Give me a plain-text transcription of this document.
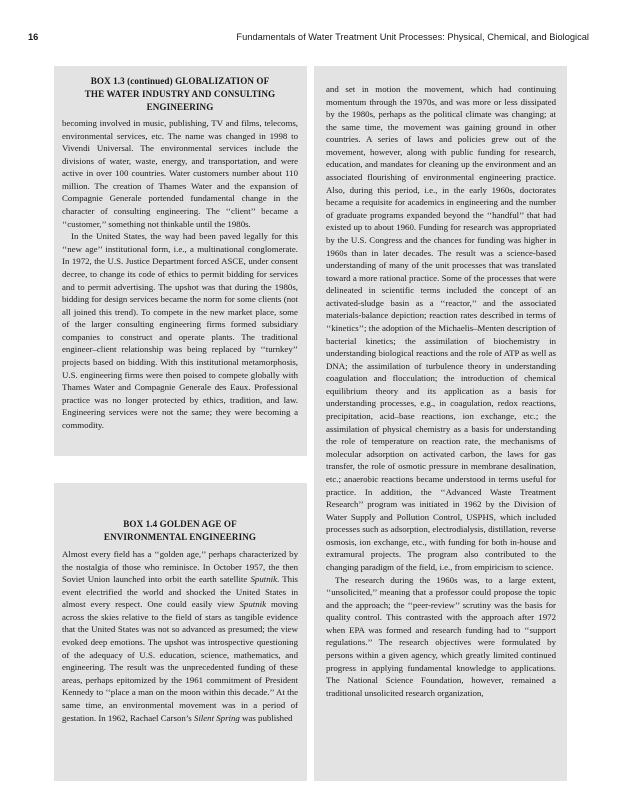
16	Fundamentals of Water Treatment Unit Processes: Physical, Chemical, and Biological
BOX 1.3 (continued) GLOBALIZATION OF
THE WATER INDUSTRY AND CONSULTING
ENGINEERING

becoming involved in music, publishing, TV and films, telecoms, environmental services, etc. The name was changed in 1998 to Vivendi Universal. The environmental services include the divisions of water, waste, energy, and transportation, and were active in over 100 countries. Water customers number about 110 million. The creation of Thames Water and the expansion of Compagnie Generale portended fundamental change in the character of consulting engineering. The ‘‘client’’ became a ‘‘customer,’’ something not thinkable until the 1980s.

In the United States, the way had been paved legally for this ‘‘new age’’ institutional form, i.e., a multinational conglomerate. In 1972, the U.S. Justice Department forced ASCE, under consent decree, to change its code of ethics to permit bidding for services and to permit advertising. The upshot was that during the 1980s, bidding for design services became the norm for some clients (not all joined this trend). To compete in the new market place, some of the larger consulting engineering firms formed subsidiary companies to construct and operate plants. The traditional engineer–client relationship was being replaced by ‘‘turnkey’’ projects based on bidding. With this institutional metamorphosis, U.S. engineering firms were then poised to compete globally with Thames Water and Compagnie Generale des Eaux. Professional practice was no longer protected by ethics, tradition, and law. Engineering services were not the same; they were becoming a commodity.

BOX 1.4 GOLDEN AGE OF
ENVIRONMENTAL ENGINEERING

Almost every field has a ‘‘golden age,’’ perhaps characterized by the nostalgia of those who reminisce. In October 1957, the then Soviet Union launched into orbit the earth satellite Sputnik. This event electrified the world and shocked the United States in almost every respect. One could easily view Sputnik moving across the skies relative to the field of stars as tangible evidence that the United States was not so advanced as presumed; the view evoked deep emotions. The upshot was introspective questioning of the adequacy of U.S. education, science, mathematics, and engineering. The result was the unprecedented funding of these areas, perhaps epitomized by the 1961 commitment of President Kennedy to ‘‘place a man on the moon within this decade.’’ At the same time, an environmental movement was in a period of gestation. In 1962, Rachael Carson’s Silent Spring was published

and set in motion the movement, which had continuing momentum through the 1970s, and was more or less dissipated by the 1980s, perhaps as the political climate was changing; at the same time, the movement was gaining ground in other countries. A series of laws and policies grew out of the movement, however, along with public funding for research, education, and mandates for cleaning up the environment and an associated flourishing of environmental engineering practice. Also, during this period, i.e., in the early 1960s, doctorates became a requisite for academics in engineering and the number of graduate programs expanded beyond the ‘‘handful’’ that had existed up to about 1960. Funding for research was appropriated by the U.S. Congress and the chances for funding was higher in 1960s than in later decades. The result was a science-based understanding of many of the unit processes that was translated toward a more rational practice. Some of the processes that were delineated in scientific terms included the concept of an activated-sludge basin as a ‘‘reactor,’’ and the associated materials-balance depiction; reaction rates described in terms of ‘‘kinetics’’; the adoption of the Michaelis–Menten description of bacterial kinetics; the assimilation of biochemistry in understanding biological reactions and the role of ATP as well as DNA; the assimilation of turbulence theory in understanding coagulation and flocculation; the introduction of chemical equilibrium theory and its application as a basis for understanding processes, e.g., in coagulation, redox reactions, precipitation, acid–base reactions, ion exchange, etc.; the assimilation of physical chemistry as a basis for understanding the role of temperature on reaction rate, the mechanisms of molecular adsorption on activated carbon, the laws for gas transfer, the role of osmotic pressure in membrane desalination, etc.; anaerobic reactions became understood in terms useful for practice. In addition, the ‘‘Advanced Waste Treatment Research’’ program was initiated in 1962 by the Division of Water Supply and Pollution Control, USPHS, which included processes such as adsorption, electrodialysis, distillation, reverse osmosis, ion exchange, etc., with funding for both in-house and extramural projects. The program also contributed to the changing paradigm of the field, i.e., from empiricism to science.

The research during the 1960s was, to a large extent, ‘‘unsolicited,’’ meaning that a professor could propose the topic and the approach; the ‘‘peer-review’’ scrutiny was the basis for quality control. This contrasted with the approach after 1972 when EPA was formed and research funding had to ‘‘support regulations.’’ The research objectives were formulated by persons within a given agency, which greatly limited continued progress in applying fundamental knowledge to applications. The National Science Foundation, however, remained a traditional unsolicited research organization,
